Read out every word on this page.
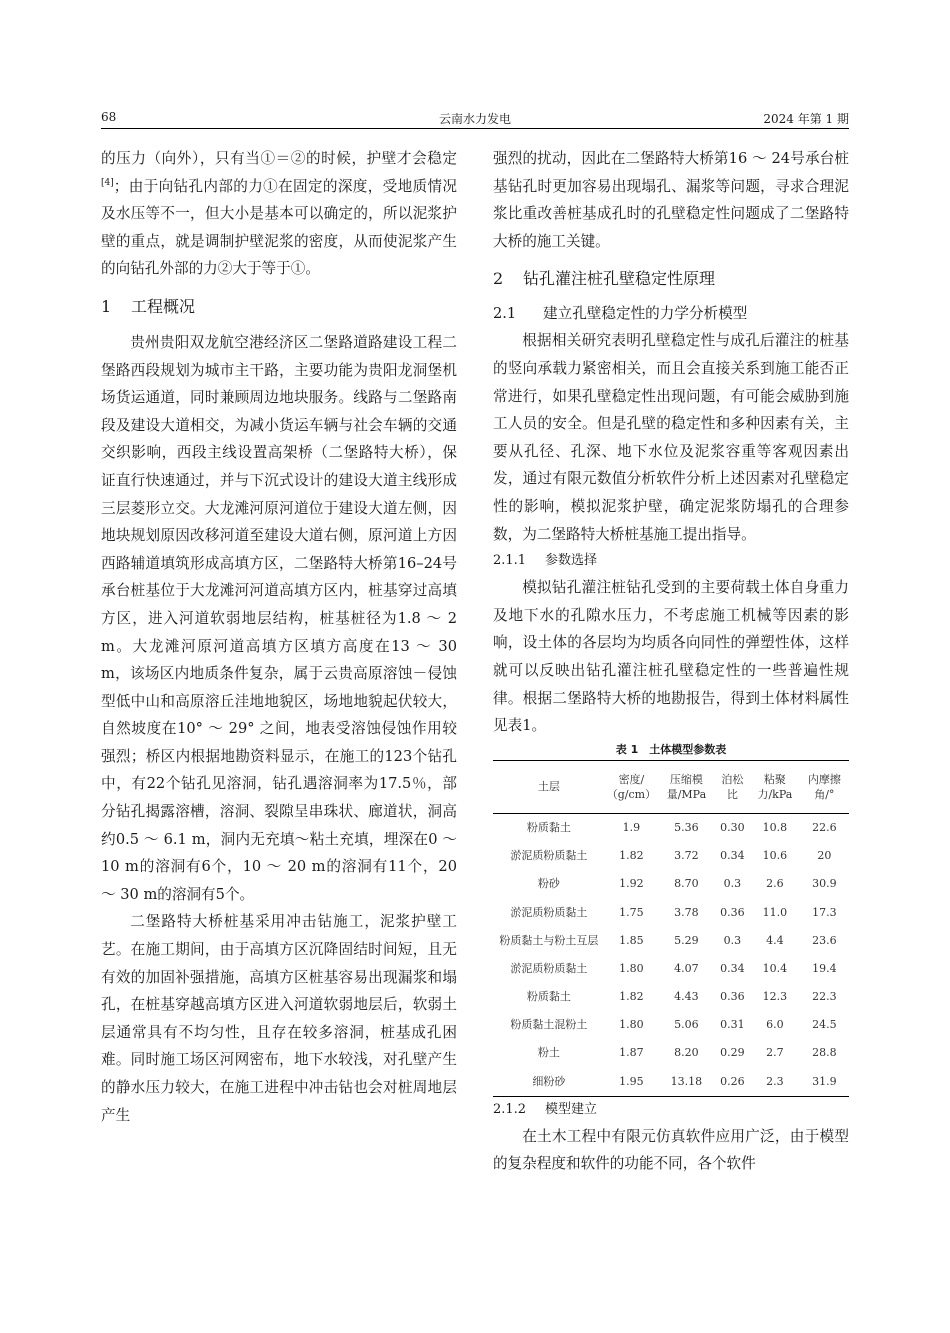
68	云南水力发电	2024 年第 1 期

的压力（向外），只有当①＝②的时候，护壁才会稳定[4]；由于向钻孔内部的力①在固定的深度，受地质情况及水压等不一，但大小是基本可以确定的，所以泥浆护壁的重点，就是调制护壁泥浆的密度，从而使泥浆产生的向钻孔外部的力②大于等于①。

1 工程概况

贵州贵阳双龙航空港经济区二堡路道路建设工程二堡路西段规划为城市主干路，主要功能为贵阳龙洞堡机场货运通道，同时兼顾周边地块服务。线路与二堡路南段及建设大道相交，为减小货运车辆与社会车辆的交通交织影响，西段主线设置高架桥（二堡路特大桥），保证直行快速通过，并与下沉式设计的建设大道主线形成三层菱形立交。大龙滩河原河道位于建设大道左侧，因地块规划原因改移河道至建设大道右侧，原河道上方因西路辅道填筑形成高填方区，二堡路特大桥第16–24号承台桩基位于大龙滩河河道高填方区内，桩基穿过高填方区，进入河道软弱地层结构，桩基桩径为1.8 ～ 2 m。大龙滩河原河道高填方区填方高度在13 ～ 30 m，该场区内地质条件复杂，属于云贵高原溶蚀－侵蚀型低中山和高原溶丘洼地地貌区，场地地貌起伏较大，自然坡度在10° ～ 29° 之间，地表受溶蚀侵蚀作用较强烈；桥区内根据地勘资料显示，在施工的123个钻孔中，有22个钻孔见溶洞，钻孔遇溶洞率为17.5％，部分钻孔揭露溶槽，溶洞、裂隙呈串珠状、廊道状，洞高约0.5 ～ 6.1 m，洞内无充填～粘土充填，埋深在0 ～ 10 m的溶洞有6个，10 ～ 20 m的溶洞有11个，20 ～ 30 m的溶洞有5个。

二堡路特大桥桩基采用冲击钻施工，泥浆护壁工艺。在施工期间，由于高填方区沉降固结时间短，且无有效的加固补强措施，高填方区桩基容易出现漏浆和塌孔，在桩基穿越高填方区进入河道软弱地层后，软弱土层通常具有不均匀性，且存在较多溶洞，桩基成孔困难。同时施工场区河网密布，地下水较浅，对孔壁产生的静水压力较大，在施工进程中冲击钻也会对桩周地层产生

强烈的扰动，因此在二堡路特大桥第16 ～ 24号承台桩基钻孔时更加容易出现塌孔、漏浆等问题，寻求合理泥浆比重改善桩基成孔时的孔壁稳定性问题成了二堡路特大桥的施工关键。

2 钻孔灌注桩孔壁稳定性原理
2.1 建立孔壁稳定性的力学分析模型

根据相关研究表明孔壁稳定性与成孔后灌注的桩基的竖向承载力紧密相关，而且会直接关系到施工能否正常进行，如果孔壁稳定性出现问题，有可能会威胁到施工人员的安全。但是孔壁的稳定性和多种因素有关，主要从孔径、孔深、地下水位及泥浆容重等客观因素出发，通过有限元数值分析软件分析上述因素对孔壁稳定性的影响，模拟泥浆护壁，确定泥浆防塌孔的合理参数，为二堡路特大桥桩基施工提出指导。

2.1.1 参数选择

模拟钻孔灌注桩钻孔受到的主要荷载土体自身重力及地下水的孔隙水压力，不考虑施工机械等因素的影响，设土体的各层均为均质各向同性的弹塑性体，这样就可以反映出钻孔灌注桩孔壁稳定性的一些普遍性规律。根据二堡路特大桥的地勘报告，得到土体材料属性见表1。

表 1　土体模型参数表
土层	密度/（g/cm）	压缩模量/MPa	泊松比	粘聚力/kPa	内摩擦角/°
粉质黏土	1.9	5.36	0.30	10.8	22.6
淤泥质粉质黏土	1.82	3.72	0.34	10.6	20
粉砂	1.92	8.70	0.3	2.6	30.9
淤泥质粉质黏土	1.75	3.78	0.36	11.0	17.3
粉质黏土与粉土互层	1.85	5.29	0.3	4.4	23.6
淤泥质粉质黏土	1.80	4.07	0.34	10.4	19.4
粉质黏土	1.82	4.43	0.36	12.3	22.3
粉质黏土混粉土	1.80	5.06	0.31	6.0	24.5
粉土	1.87	8.20	0.29	2.7	28.8
细粉砂	1.95	13.18	0.26	2.3	31.9
2.1.2 模型建立

在土木工程中有限元仿真软件应用广泛，由于模型的复杂程度和软件的功能不同，各个软件
